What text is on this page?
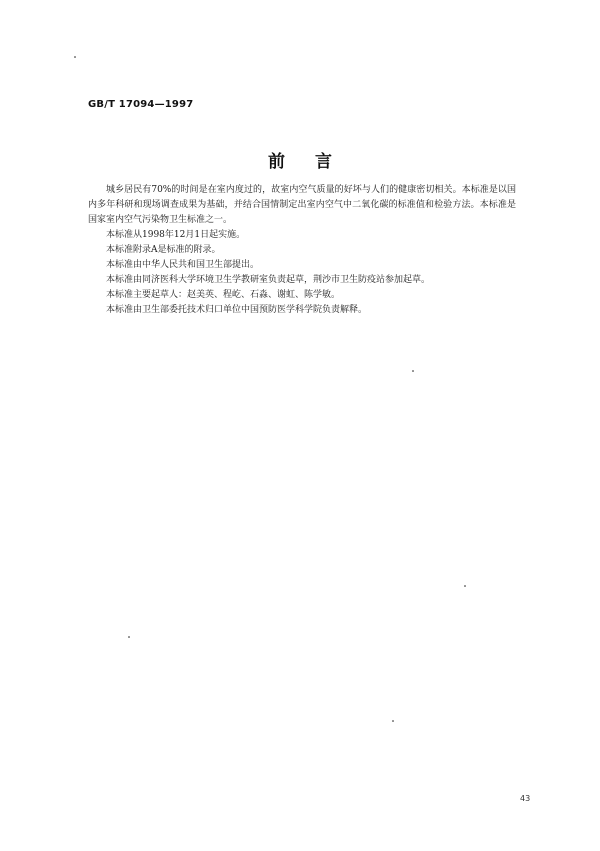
GB/T 17094—1997
前 言

城乡居民有70%的时间是在室内度过的，故室内空气质量的好坏与人们的健康密切相关。本标准是以国内多年科研和现场调查成果为基础，并结合国情制定出室内空气中二氧化碳的标准值和检验方法。本标准是国家室内空气污染物卫生标准之一。

本标准从1998年12月1日起实施。

本标准附录A是标准的附录。

本标准由中华人民共和国卫生部提出。

本标准由同济医科大学环境卫生学教研室负责起草，荆沙市卫生防疫站参加起草。

本标准主要起草人：赵美英、程屹、石淼、谢虹、陈学敏。

本标准由卫生部委托技术归口单位中国预防医学科学院负责解释。

43
